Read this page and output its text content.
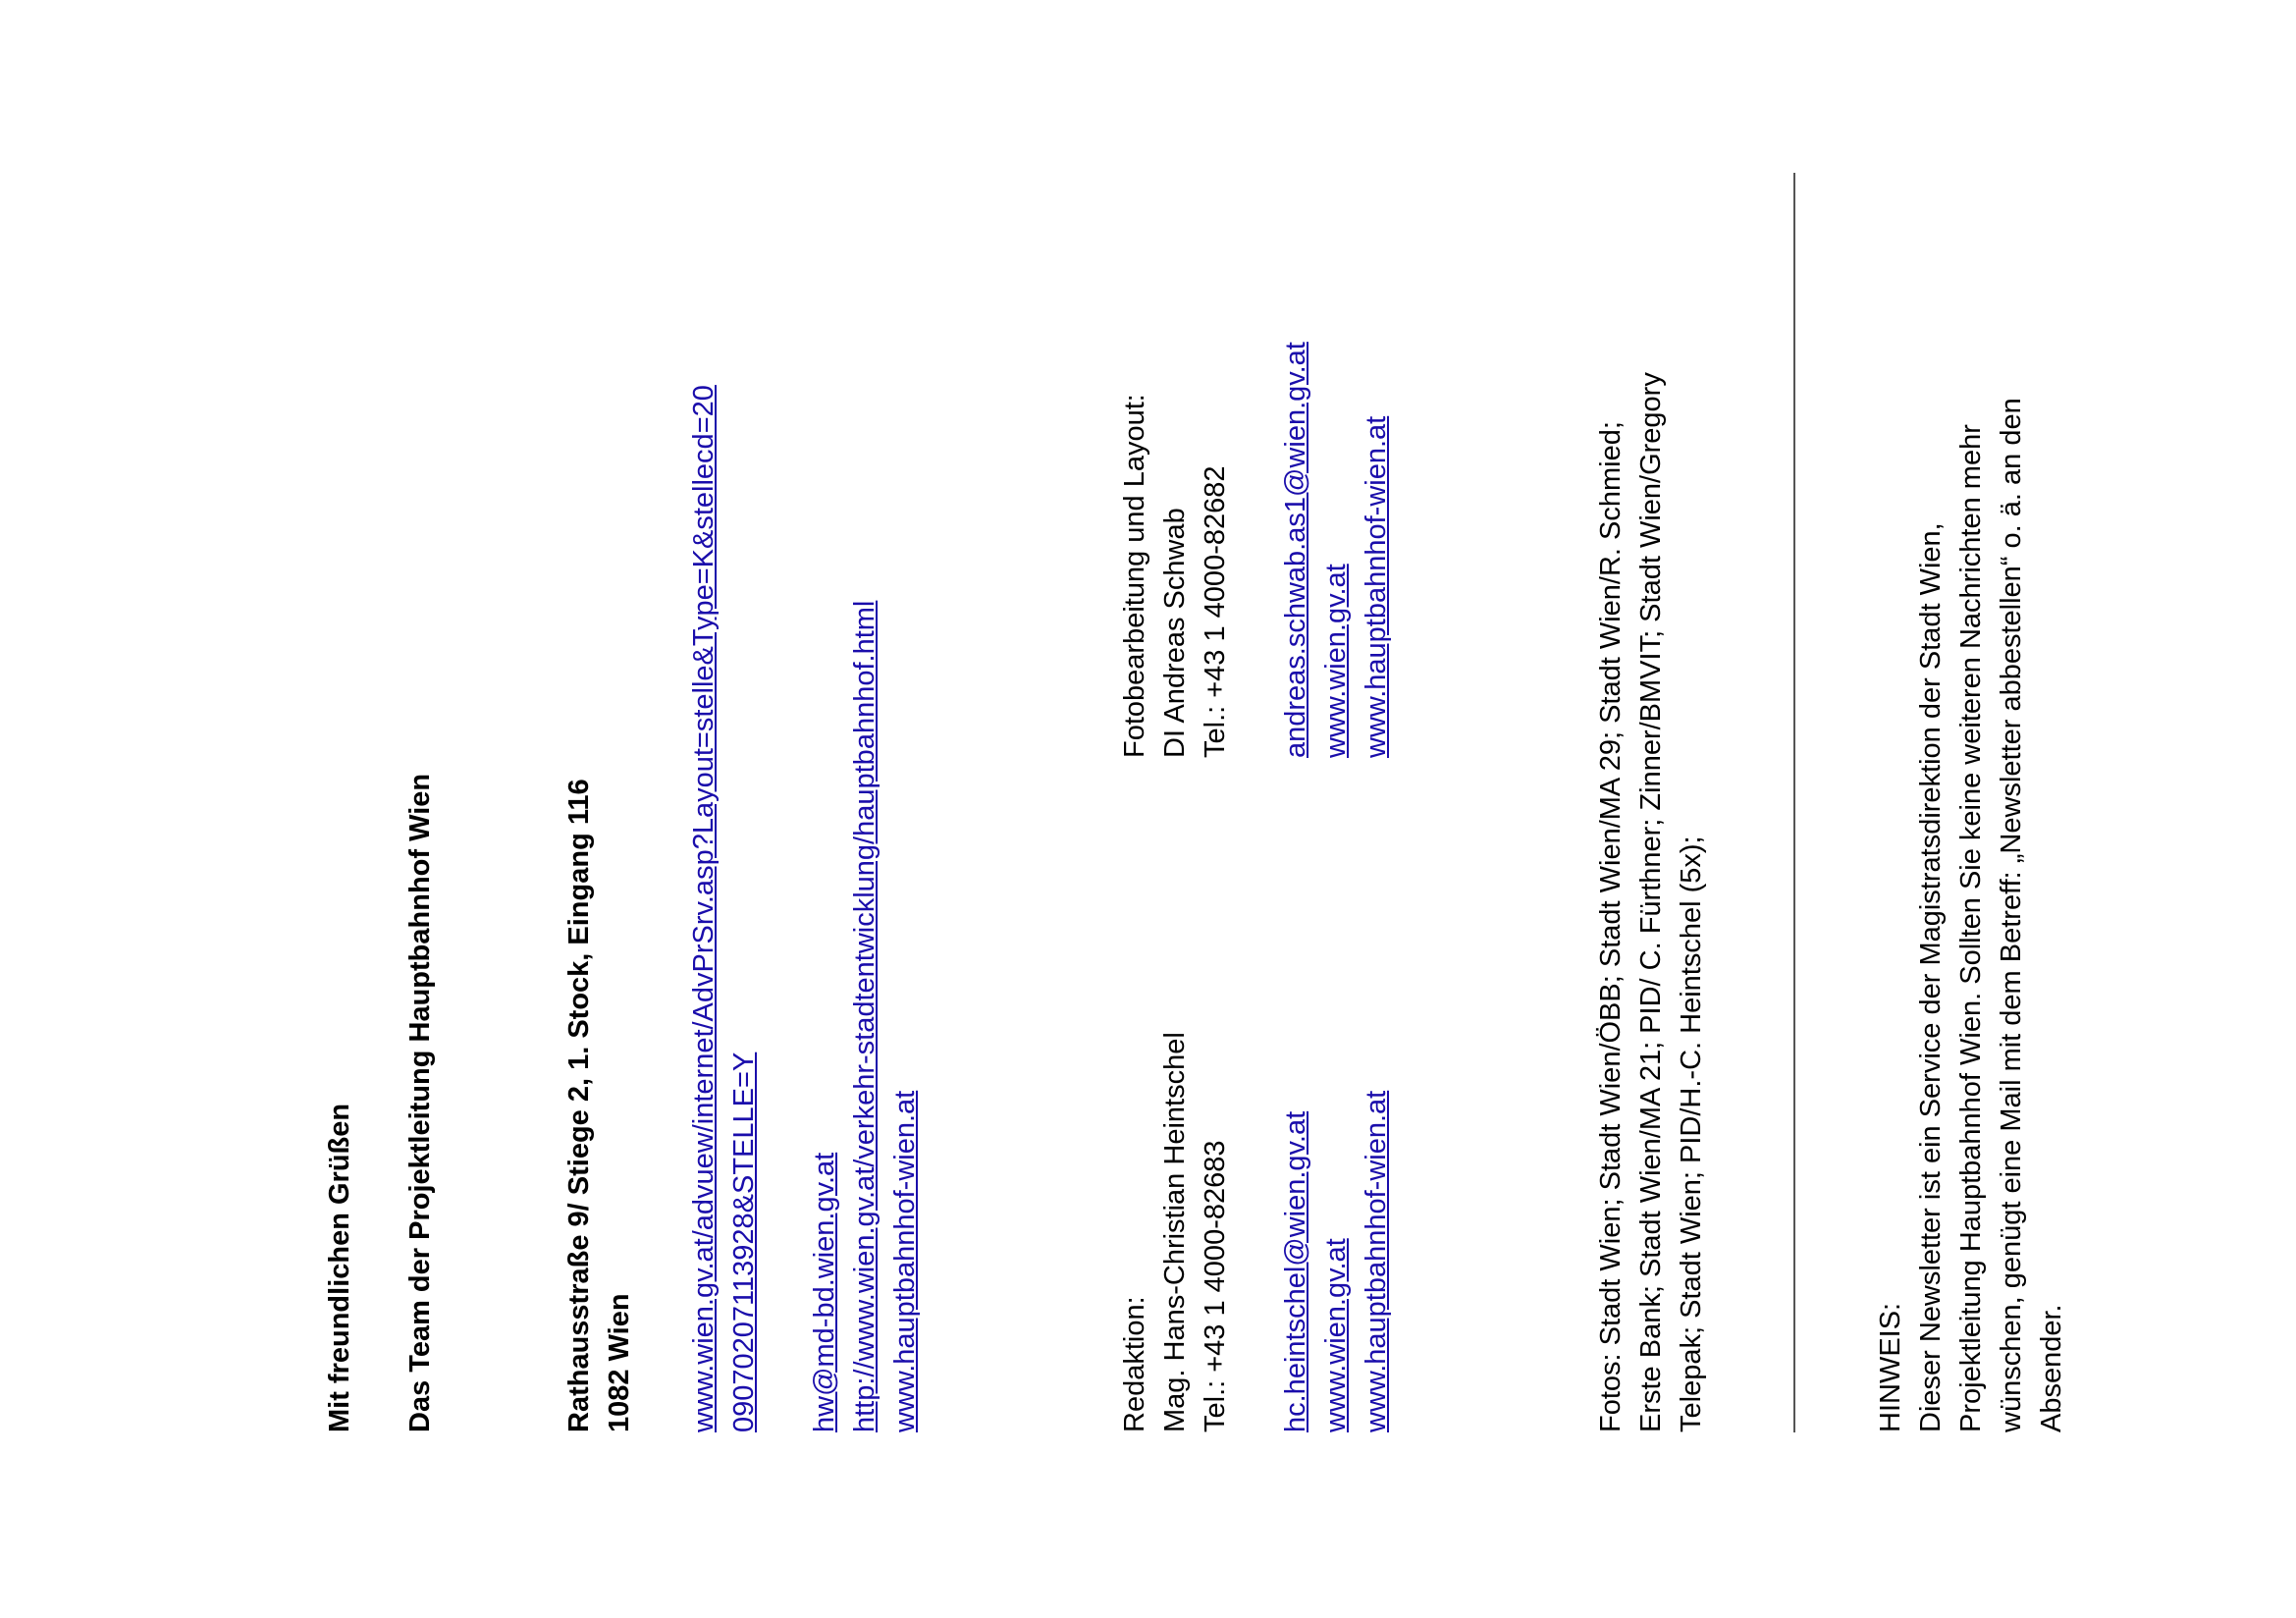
Mit freundlichen Grüßen Das Team der Projektleitung Hauptbahnhof Wien	Rathausstraße 9/ Stiege 2, 1. Stock, Eingang 116 1082 Wien www.wien.gv.at/advuew/internet/AdvPrSrv.asp?Layout=stelle&Type=K&stellecd=20 09070207113928&STELLE=Y hw@md-bd.wien.gv.at http://www.wien.gv.at/verkehr-stadtentwicklung/hauptbahnhof.html www.hauptbahnhof-wien.at	Redaktion: Mag. Hans-Christian Heintschel Tel.: +43 1 4000-82683 hc.heintschel@wien.gv.at www.wien.gv.at www.hauptbahnhof-wien.at
Fotobearbeitung und Layout: DI Andreas Schwab Tel.: +43 1 4000-82682 andreas.schwab.as1@wien.gv.at www.wien.gv.at www.hauptbahnhof-wien.at	Fotos: Stadt Wien; Stadt Wien/ÖBB; Stadt Wien/MA 29; Stadt Wien/R. Schmied; Erste Bank; Stadt Wien/MA 21; PID/ C. Fürthner; Zinner/BMVIT; Stadt Wien/Gregory Telepak; Stadt Wien; PID/H.-C. Heintschel (5x);	HINWEIS: Dieser Newsletter ist ein Service der Magistratsdirektion der Stadt Wien, Projektleitung Hauptbahnhof Wien. Sollten Sie keine weiteren Nachrichten mehr wünschen, genügt eine Mail mit dem Betreff: „Newsletter abbestellen“ o. ä. an den Absender.
